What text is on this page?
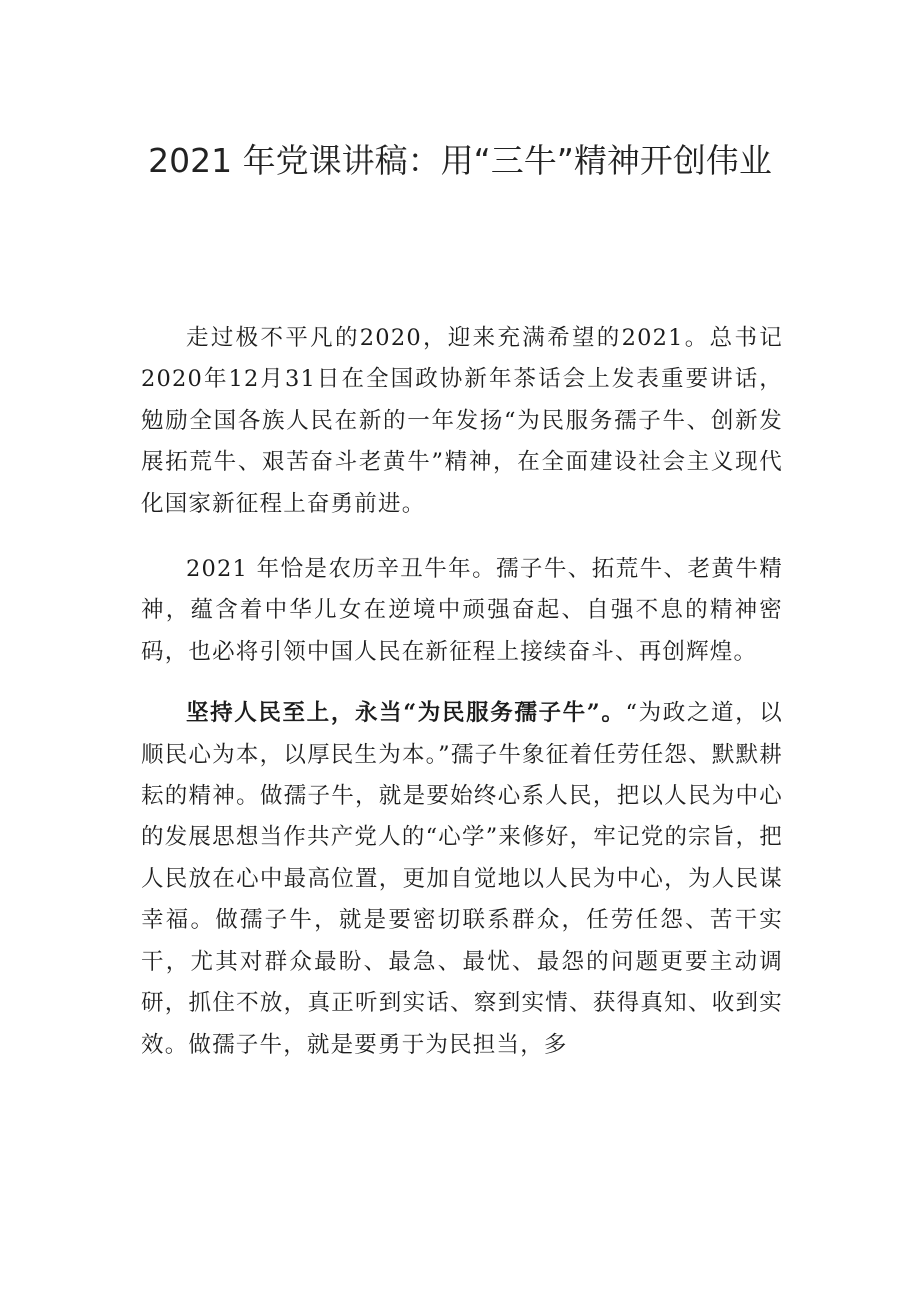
2021 年党课讲稿：用“三牛”精神开创伟业

走过极不平凡的2020，迎来充满希望的2021。总书记2020年12月31日在全国政协新年茶话会上发表重要讲话，勉励全国各族人民在新的一年发扬“为民服务孺子牛、创新发展拓荒牛、艰苦奋斗老黄牛”精神，在全面建设社会主义现代化国家新征程上奋勇前进。

2021 年恰是农历辛丑牛年。孺子牛、拓荒牛、老黄牛精神，蕴含着中华儿女在逆境中顽强奋起、自强不息的精神密码，也必将引领中国人民在新征程上接续奋斗、再创辉煌。

坚持人民至上，永当“为民服务孺子牛”。“为政之道，以顺民心为本，以厚民生为本。”孺子牛象征着任劳任怨、默默耕耘的精神。做孺子牛，就是要始终心系人民，把以人民为中心的发展思想当作共产党人的“心学”来修好，牢记党的宗旨，把人民放在心中最高位置，更加自觉地以人民为中心，为人民谋幸福。做孺子牛，就是要密切联系群众，任劳任怨、苦干实干，尤其对群众最盼、最急、最忧、最怨的问题更要主动调研，抓住不放，真正听到实话、察到实情、获得真知、收到实效。做孺子牛，就是要勇于为民担当，多
